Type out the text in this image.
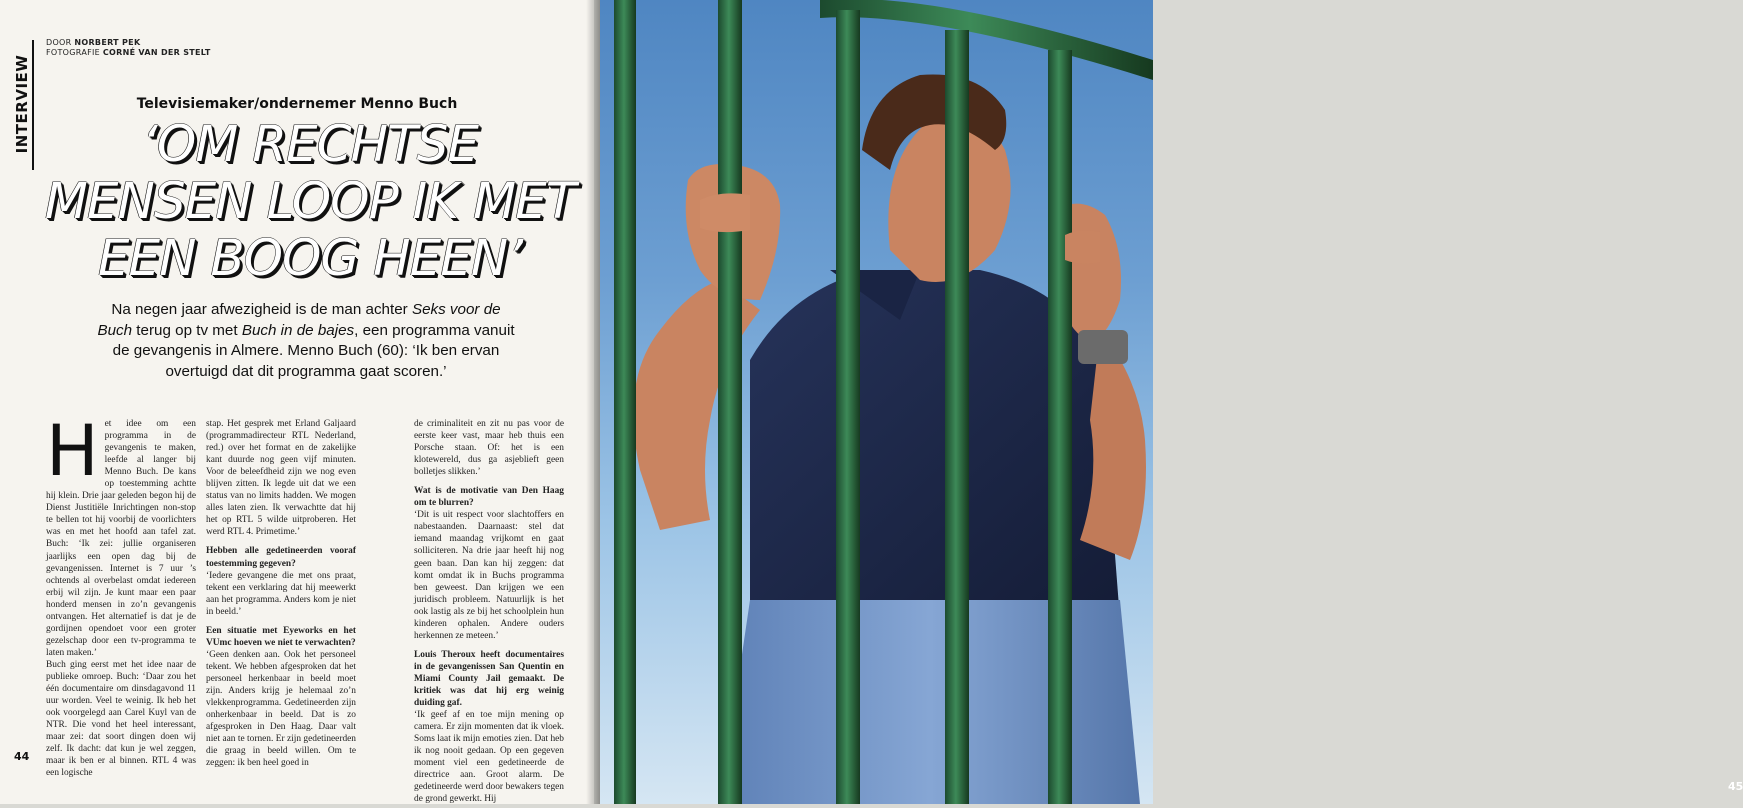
INTERVIEW
DOOR NORBERT PEK
FOTOGRAFIE CORNÉ VAN DER STELT
Televisiemaker/ondernemer Menno Buch
‘OM RECHTSE
MENSEN LOOP IK MET
EEN BOOG HEEN’
Na negen jaar afwezigheid is de man achter Seks voor de Buch terug op tv met Buch in de bajes, een programma vanuit de gevangenis in Almere. Menno Buch (60): ‘Ik ben ervan overtuigd dat dit programma gaat scoren.’
H et idee om een programma in de gevangenis te maken, leefde al langer bij Menno Buch. De kans op toestemming achtte hij klein. Drie jaar geleden begon hij de Dienst Justitiële Inrichtingen non-stop te bellen tot hij voorbij de voorlichters was en met het hoofd aan tafel zat. Buch: ‘Ik zei: jullie organiseren jaarlijks een open dag bij de gevangenissen. Internet is 7 uur ’s ochtends al overbelast omdat iedereen erbij wil zijn. Je kunt maar een paar honderd mensen in zo’n gevangenis ontvangen. Het alternatief is dat je de gordijnen opendoet voor een groter gezelschap door een tv-programma te laten maken.’

Buch ging eerst met het idee naar de publieke omroep. Buch: ‘Daar zou het één documentaire om dinsdagavond 11 uur worden. Veel te weinig. Ik heb het ook voorgelegd aan Carel Kuyl van de NTR. Die vond het heel interessant, maar zei: dat soort dingen doen wij zelf. Ik dacht: dat kun je wel zeggen, maar ik ben er al binnen. RTL 4 was een logische

stap. Het gesprek met Erland Galjaard (programmadirecteur RTL Nederland, red.) over het format en de zakelijke kant duurde nog geen vijf minuten. Voor de beleefdheid zijn we nog even blijven zitten. Ik legde uit dat we een status van no limits hadden. We mogen alles laten zien. Ik verwachtte dat hij het op RTL 5 wilde uitproberen. Het werd RTL 4. Primetime.’

Hebben alle gedetineerden vooraf toestemming gegeven?

‘Iedere gevangene die met ons praat, tekent een verklaring dat hij meewerkt aan het programma. Anders kom je niet in beeld.’

Een situatie met Eyeworks en het VUmc hoeven we niet te verwachten?

‘Geen denken aan. Ook het personeel tekent. We hebben afgesproken dat het personeel herkenbaar in beeld moet zijn. Anders krijg je helemaal zo’n vlekkenprogramma. Gedetineerden zijn onherkenbaar in beeld. Dat is zo afgesproken in Den Haag. Daar valt niet aan te tornen. Er zijn gedetineerden die graag in beeld willen. Om te zeggen: ik ben heel goed in

de criminaliteit en zit nu pas voor de eerste keer vast, maar heb thuis een Porsche staan. Of: het is een klotewereld, dus ga asjeblieft geen bolletjes slikken.’

Wat is de motivatie van Den Haag om te blurren?

‘Dit is uit respect voor slachtoffers en nabestaanden. Daarnaast: stel dat iemand maandag vrijkomt en gaat solliciteren. Na drie jaar heeft hij nog geen baan. Dan kan hij zeggen: dat komt omdat ik in Buchs programma ben geweest. Dan krijgen we een juridisch probleem. Natuurlijk is het ook lastig als ze bij het schoolplein hun kinderen ophalen. Andere ouders herkennen ze meteen.’

Louis Theroux heeft documentaires in de gevangenissen San Quentin en Miami County Jail gemaakt. De kritiek was dat hij erg weinig duiding gaf.

‘Ik geef af en toe mijn mening op camera. Er zijn momenten dat ik vloek. Soms laat ik mijn emoties zien. Dat heb ik nog nooit gedaan. Op een gegeven moment viel een gedetineerde de directrice aan. Groot alarm. De gedetineerde werd door bewakers tegen de grond gewerkt. Hij

44
45
